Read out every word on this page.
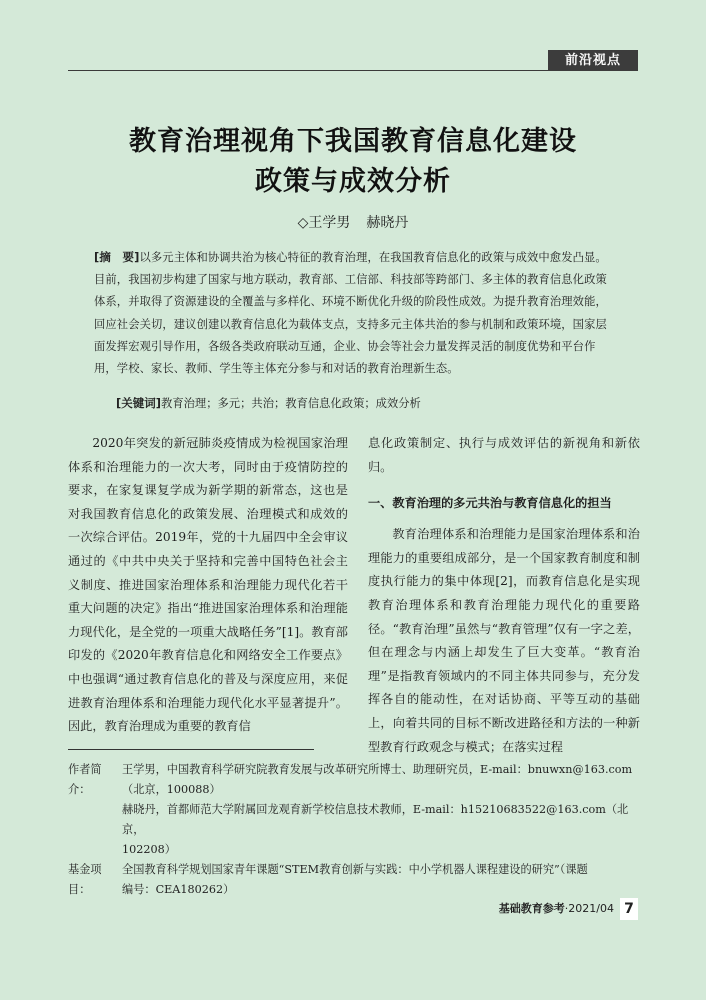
前沿视点
教育治理视角下我国教育信息化建设
政策与成效分析
◇王学男 赫晓丹
[摘　要]以多元主体和协调共治为核心特征的教育治理，在我国教育信息化的政策与成效中愈发凸显。目前，我国初步构建了国家与地方联动，教育部、工信部、科技部等跨部门、多主体的教育信息化政策体系，并取得了资源建设的全覆盖与多样化、环境不断优化升级的阶段性成效。为提升教育治理效能，回应社会关切，建议创建以教育信息化为载体支点，支持多元主体共治的参与机制和政策环境，国家层面发挥宏观引导作用，各级各类政府联动互通，企业、协会等社会力量发挥灵活的制度优势和平台作用，学校、家长、教师、学生等主体充分参与和对话的教育治理新生态。
[关键词]教育治理；多元；共治；教育信息化政策；成效分析

2020年突发的新冠肺炎疫情成为检视国家治理体系和治理能力的一次大考，同时由于疫情防控的要求，在家复课复学成为新学期的新常态，这也是对我国教育信息化的政策发展、治理模式和成效的一次综合评估。2019年，党的十九届四中全会审议通过的《中共中央关于坚持和完善中国特色社会主义制度、推进国家治理体系和治理能力现代化若干重大问题的决定》指出“推进国家治理体系和治理能力现代化，是全党的一项重大战略任务”[1]。教育部印发的《2020年教育信息化和网络安全工作要点》中也强调“通过教育信息化的普及与深度应用，来促进教育治理体系和治理能力现代化水平显著提升”。因此，教育治理成为重要的教育信

息化政策制定、执行与成效评估的新视角和新依归。

一、教育治理的多元共治与教育信息化的担当

教育治理体系和治理能力是国家治理体系和治理能力的重要组成部分，是一个国家教育制度和制度执行能力的集中体现[2]，而教育信息化是实现教育治理体系和教育治理能力现代化的重要路径。“教育治理”虽然与“教育管理”仅有一字之差，但在理念与内涵上却发生了巨大变革。“教育治理”是指教育领域内的不同主体共同参与，充分发挥各自的能动性，在对话协商、平等互动的基础上，向着共同的目标不断改进路径和方法的一种新型教育行政观念与模式；在落实过程

作者简介：
王学男，中国教育科学研究院教育发展与改革研究所博士、助理研究员，E-mail：bnuwxn@163.com
（北京，100088）
赫晓丹，首都师范大学附属回龙观育新学校信息技术教师，E-mail：h15210683522@163.com（北京，
102208）
基金项目：
全国教育科学规划国家青年课题“STEM教育创新与实践：中小学机器人课程建设的研究”（课题
编号：CEA180262）
基础教育参考·2021/04 7
